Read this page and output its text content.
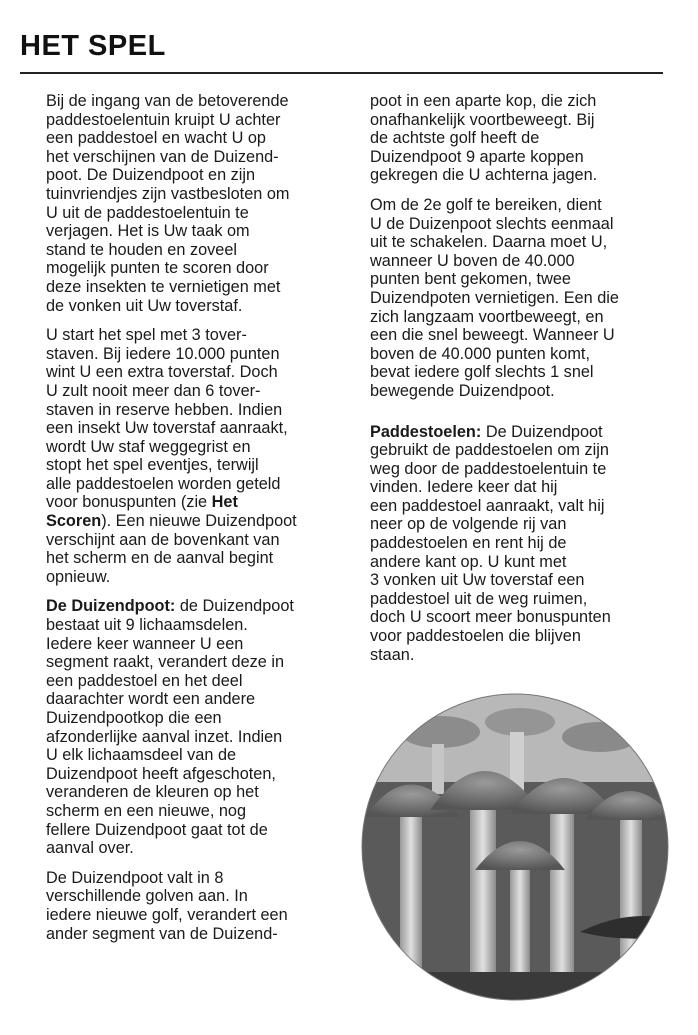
HET SPEL

Bij de ingang van de betoverende
paddestoelentuin kruipt U achter
een paddestoel en wacht U op
het verschijnen van de Duizend-
poot. De Duizendpoot en zijn
tuinvriendjes zijn vastbesloten om
U uit de paddestoelentuin te
verjagen. Het is Uw taak om
stand te houden en zoveel
mogelijk punten te scoren door
deze insekten te vernietigen met
de vonken uit Uw toverstaf.

U start het spel met 3 tover-
staven. Bij iedere 10.000 punten
wint U een extra toverstaf. Doch
U zult nooit meer dan 6 tover-
staven in reserve hebben. Indien
een insekt Uw toverstaf aanraakt,
wordt Uw staf weggegrist en
stopt het spel eventjes, terwijl
alle paddestoelen worden geteld
voor bonuspunten (zie Het
Scoren). Een nieuwe Duizendpoot
verschijnt aan de bovenkant van
het scherm en de aanval begint
opnieuw.

De Duizendpoot: de Duizendpoot
bestaat uit 9 lichaamsdelen.
Iedere keer wanneer U een
segment raakt, verandert deze in
een paddestoel en het deel
daarachter wordt een andere
Duizendpootkop die een
afzonderlijke aanval inzet. Indien
U elk lichaamsdeel van de
Duizendpoot heeft afgeschoten,
veranderen de kleuren op het
scherm en een nieuwe, nog
fellere Duizendpoot gaat tot de
aanval over.

De Duizendpoot valt in 8
verschillende golven aan. In
iedere nieuwe golf, verandert een
ander segment van de Duizend-

poot in een aparte kop, die zich
onafhankelijk voortbeweegt. Bij
de achtste golf heeft de
Duizendpoot 9 aparte koppen
gekregen die U achterna jagen.

Om de 2e golf te bereiken, dient
U de Duizenpoot slechts eenmaal
uit te schakelen. Daarna moet U,
wanneer U boven de 40.000
punten bent gekomen, twee
Duizendpoten vernietigen. Een die
zich langzaam voortbeweegt, en
een die snel beweegt. Wanneer U
boven de 40.000 punten komt,
bevat iedere golf slechts 1 snel
bewegende Duizendpoot.

Paddestoelen: De Duizendpoot
gebruikt de paddestoelen om zijn
weg door de paddestoelentuin te
vinden. Iedere keer dat hij
een paddestoel aanraakt, valt hij
neer op de volgende rij van
paddestoelen en rent hij de
andere kant op. U kunt met
3 vonken uit Uw toverstaf een
paddestoel uit de weg ruimen,
doch U scoort meer bonuspunten
voor paddestoelen die blijven
staan.
